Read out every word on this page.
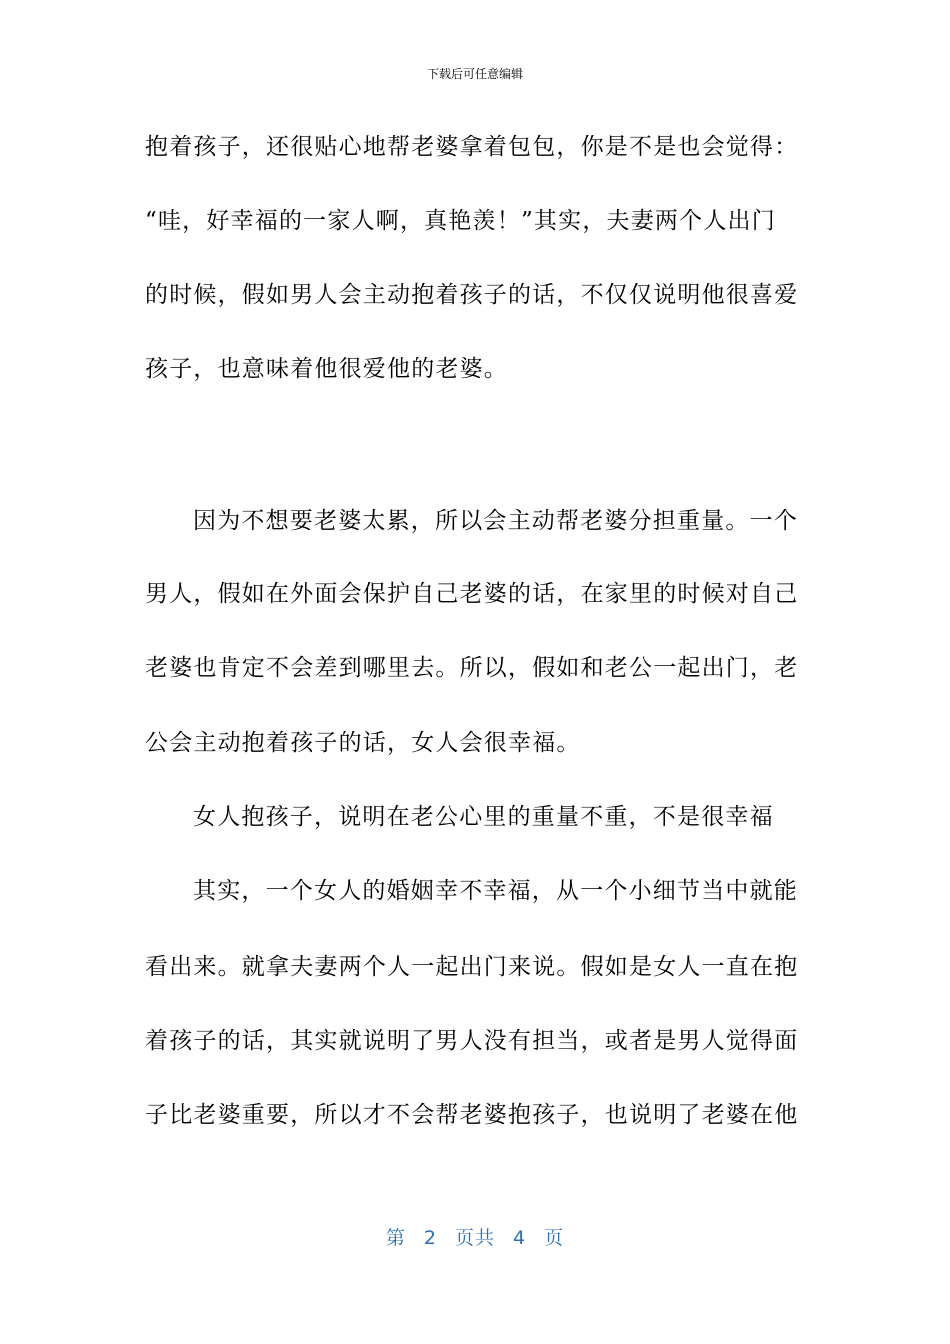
下载后可任意编辑
抱着孩子，还很贴心地帮老婆拿着包包，你是不是也会觉得：
“哇，好幸福的一家人啊，真艳羡！”其实，夫妻两个人出门
的时候，假如男人会主动抱着孩子的话，不仅仅说明他很喜爱
孩子，也意味着他很爱他的老婆。
因为不想要老婆太累，所以会主动帮老婆分担重量。一个
男人，假如在外面会保护自己老婆的话，在家里的时候对自己
老婆也肯定不会差到哪里去。所以，假如和老公一起出门，老
公会主动抱着孩子的话，女人会很幸福。
女人抱孩子，说明在老公心里的重量不重，不是很幸福
其实，一个女人的婚姻幸不幸福，从一个小细节当中就能
看出来。就拿夫妻两个人一起出门来说。假如是女人一直在抱
着孩子的话，其实就说明了男人没有担当，或者是男人觉得面
子比老婆重要，所以才不会帮老婆抱孩子，也说明了老婆在他
第 2 页共 4 页
